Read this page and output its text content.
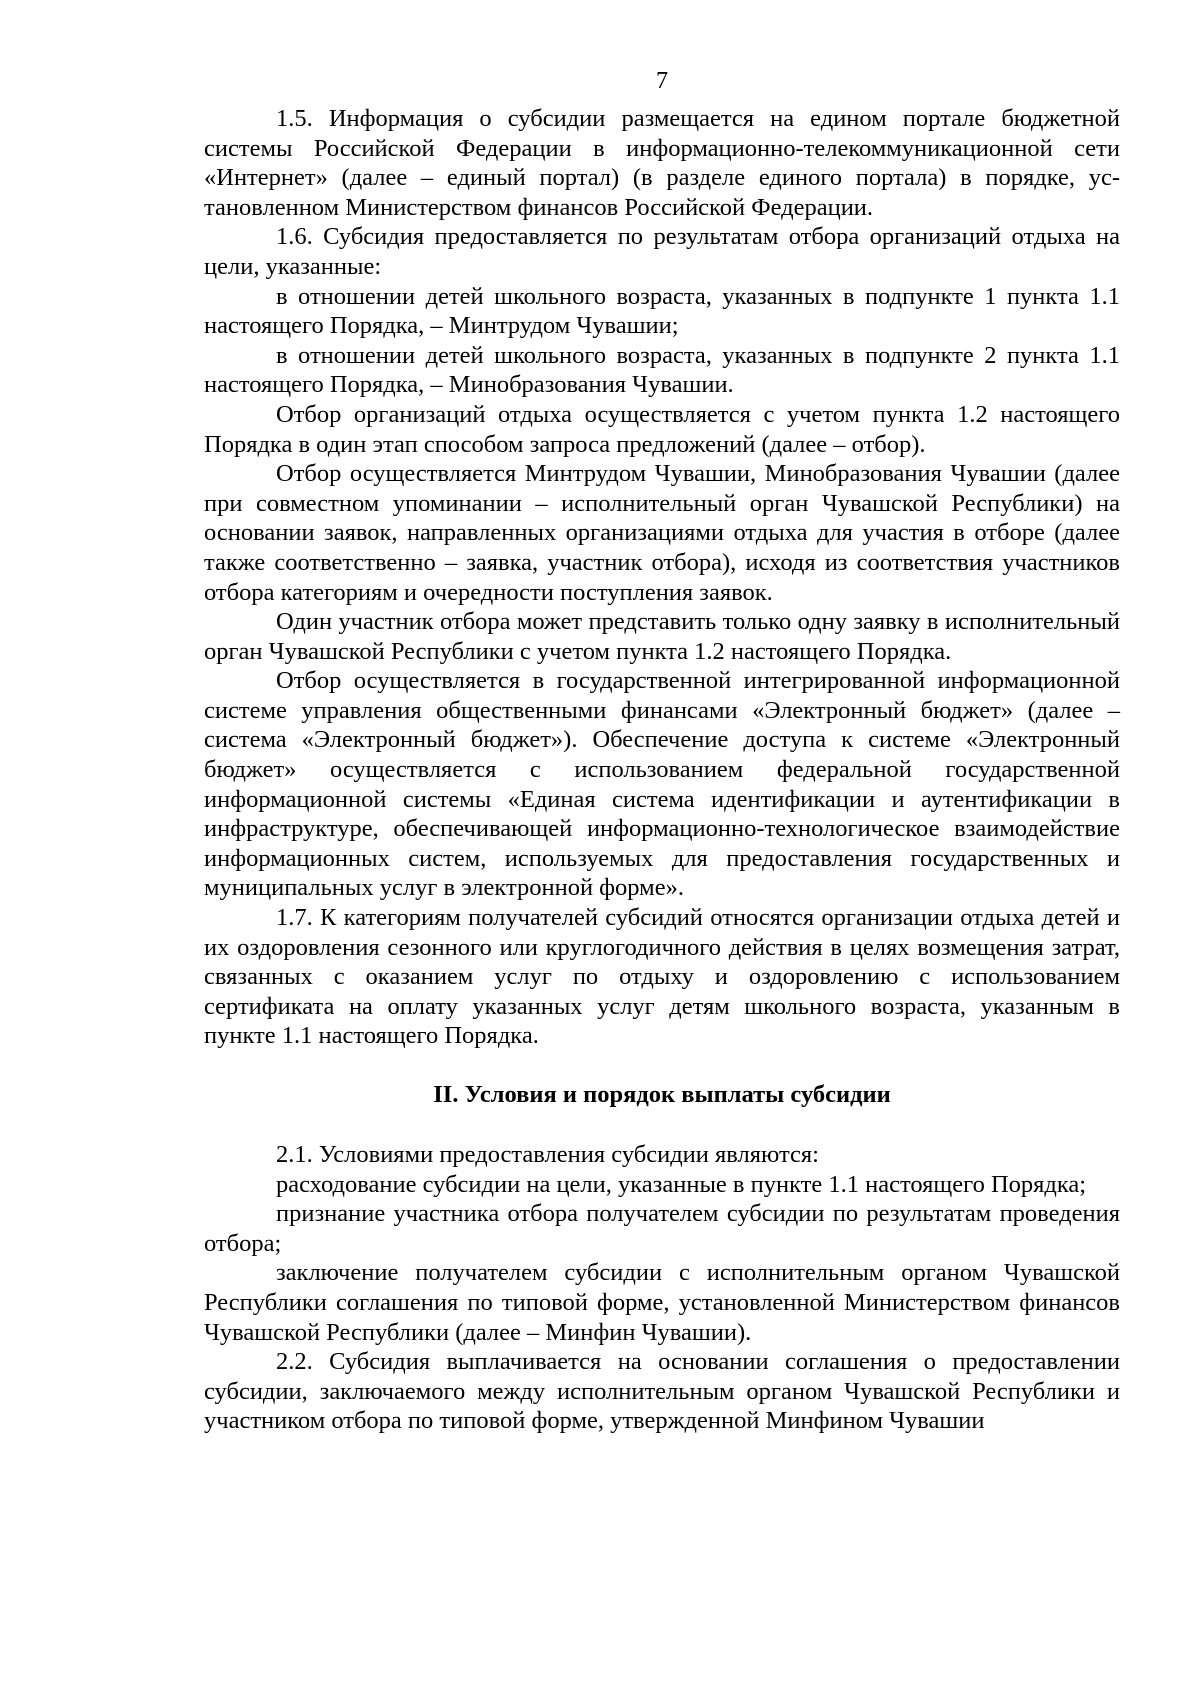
7

1.5. Информация о субсидии размещается на едином портале бюджетной системы Российской Федерации в информационно-телекоммуникационной сети «Интернет» (далее – единый портал) (в разделе единого портала) в порядке, установленном Министерством финансов Российской Федерации.

1.6. Субсидия предоставляется по результатам отбора организаций отдыха на цели, указанные:

в отношении детей школьного возраста, указанных в подпункте 1 пункта 1.1 настоящего Порядка, – Минтрудом Чувашии;

в отношении детей школьного возраста, указанных в подпункте 2 пункта 1.1 настоящего Порядка, – Минобразования Чувашии.

Отбор организаций отдыха осуществляется с учетом пункта 1.2 настоящего Порядка в один этап способом запроса предложений (далее – отбор).

Отбор осуществляется Минтрудом Чувашии, Минобразования Чувашии (далее при совместном упоминании – исполнительный орган Чувашской Республики) на основании заявок, направленных организациями отдыха для участия в отборе (далее также соответственно – заявка, участник отбора), исходя из соответствия участников отбора категориям и очередности поступления заявок.

Один участник отбора может представить только одну заявку в исполнительный орган Чувашской Республики с учетом пункта 1.2 настоящего Порядка.

Отбор осуществляется в государственной интегрированной информационной системе управления общественными финансами «Электронный бюджет» (далее – система «Электронный бюджет»). Обеспечение доступа к системе «Электронный бюджет» осуществляется с использованием федеральной государственной информационной системы «Единая система идентификации и аутентификации в инфраструктуре, обеспечивающей информационно-технологическое взаимодействие информационных систем, используемых для предоставления государственных и муниципальных услуг в электронной форме».

1.7. К категориям получателей субсидий относятся организации отдыха детей и их оздоровления сезонного или круглогодичного действия в целях возмещения затрат, связанных с оказанием услуг по отдыху и оздоровлению с использованием сертификата на оплату указанных услуг детям школьного возраста, указанным в пункте 1.1 настоящего Порядка.

II. Условия и порядок выплаты субсидии

2.1. Условиями предоставления субсидии являются:

расходование субсидии на цели, указанные в пункте 1.1 настоящего Порядка;

признание участника отбора получателем субсидии по результатам проведения отбора;

заключение получателем субсидии с исполнительным органом Чувашской Республики соглашения по типовой форме, установленной Министерством финансов Чувашской Республики (далее – Минфин Чувашии).

2.2. Субсидия выплачивается на основании соглашения о предоставлении субсидии, заключаемого между исполнительным органом Чувашской Республики и участником отбора по типовой форме, утвержденной Минфином Чувашии
